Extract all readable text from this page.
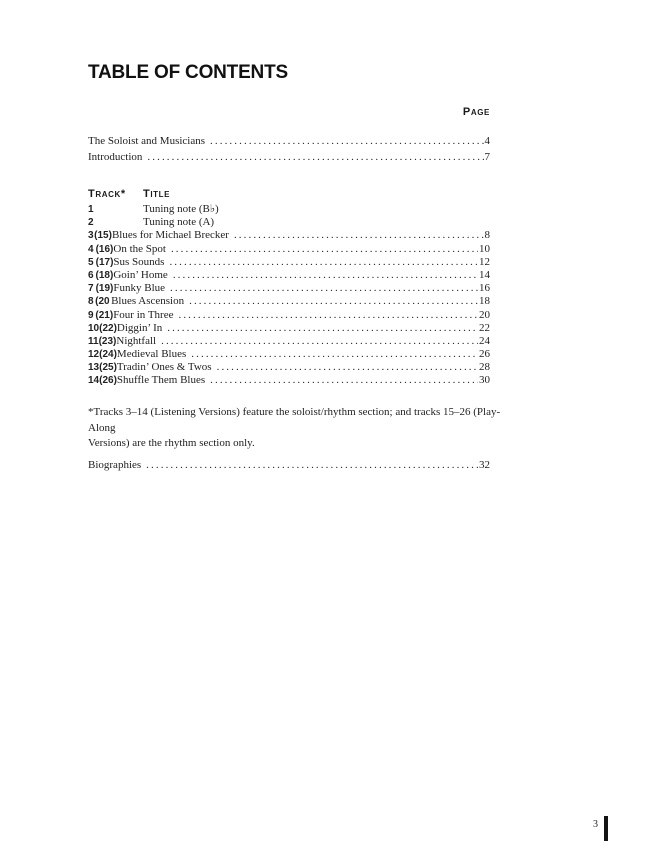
TABLE OF CONTENTS
Page
The Soloist and Musicians .....	4
Introduction .....	7
Track*	Title
1	Tuning note (B♭)
2	Tuning note (A)
3 (15) Blues for Michael Brecker .....	8
4 (16) On the Spot .....	10
5 (17) Sus Sounds .....	12
6 (18) Goin’ Home .....	14
7 (19) Funky Blue .....	16
8 (20 Blues Ascension .....	18
9 (21) Four in Three .....	20
10 (22) Diggin’ In .....	22
11 (23) Nightfall .....	24
12 (24) Medieval Blues .....	26
13 (25) Tradin’ Ones & Twos .....	28
14 (26) Shuffle Them Blues .....	30
*Tracks 3–14 (Listening Versions) feature the soloist/rhythm section; and tracks 15–26 (Play-Along
Versions) are the rhythm section only.
Biographies .....	32
3
